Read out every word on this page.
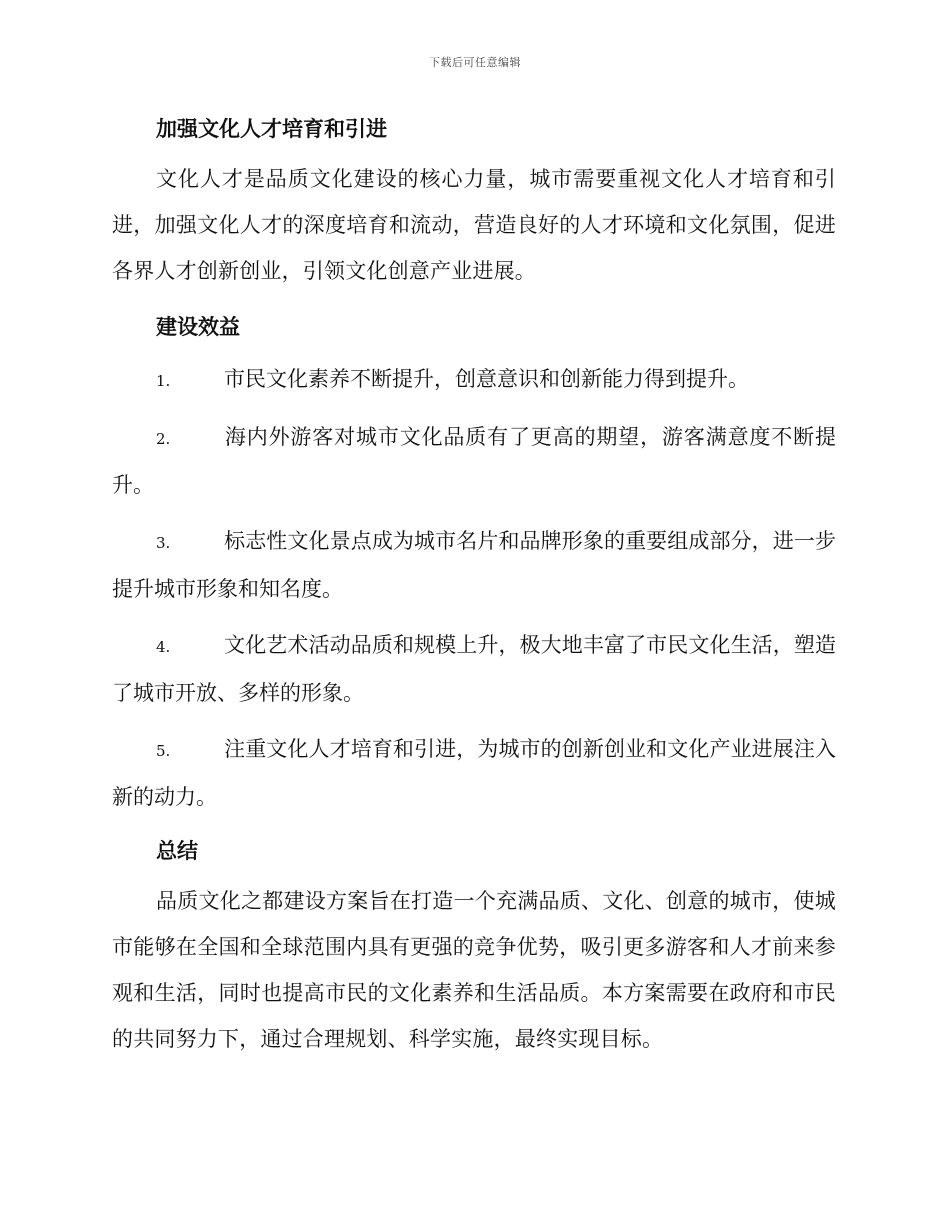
下载后可任意编辑

加强文化人才培育和引进

文化人才是品质文化建设的核心力量，城市需要重视文化人才培育和引进，加强文化人才的深度培育和流动，营造良好的人才环境和文化氛围，促进各界人才创新创业，引领文化创意产业进展。

建设效益

1.	市民文化素养不断提升，创意意识和创新能力得到提升。

2.	海内外游客对城市文化品质有了更高的期望，游客满意度不断提升。

3.	标志性文化景点成为城市名片和品牌形象的重要组成部分，进一步提升城市形象和知名度。

4.	文化艺术活动品质和规模上升，极大地丰富了市民文化生活，塑造了城市开放、多样的形象。

5.	注重文化人才培育和引进，为城市的创新创业和文化产业进展注入新的动力。

总结

品质文化之都建设方案旨在打造一个充满品质、文化、创意的城市，使城市能够在全国和全球范围内具有更强的竞争优势，吸引更多游客和人才前来参观和生活，同时也提高市民的文化素养和生活品质。本方案需要在政府和市民的共同努力下，通过合理规划、科学实施，最终实现目标。
